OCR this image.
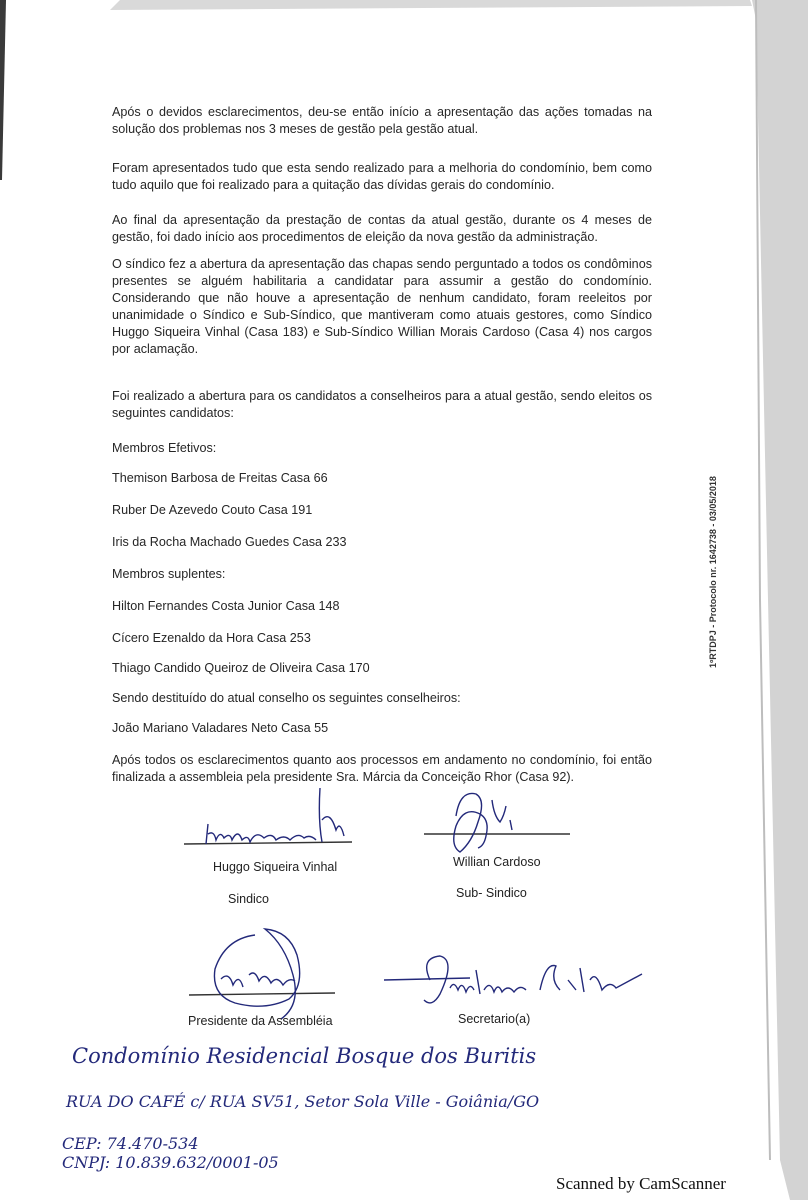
Após o devidos esclarecimentos, deu-se então início a apresentação das ações tomadas na solução dos problemas nos 3 meses de gestão pela gestão atual.

Foram apresentados tudo que esta sendo realizado para a melhoria do condomínio, bem como tudo aquilo que foi realizado para a quitação das dívidas gerais do condomínio.

Ao final da apresentação da prestação de contas da atual gestão, durante os 4 meses de gestão, foi dado início aos procedimentos de eleição da nova gestão da administração.

O síndico fez a abertura da apresentação das chapas sendo perguntado a todos os condôminos presentes se alguém habilitaria a candidatar para assumir a gestão do condomínio. Considerando que não houve a apresentação de nenhum candidato, foram reeleitos por unanimidade o Síndico e Sub-Síndico, que mantiveram como atuais gestores, como Síndico Huggo Siqueira Vinhal (Casa 183) e Sub-Síndico Willian Morais Cardoso (Casa 4) nos cargos por aclamação.

Foi realizado a abertura para os candidatos a conselheiros para a atual gestão, sendo eleitos os seguintes candidatos:

Membros Efetivos:

Themison Barbosa de Freitas Casa 66

Ruber De Azevedo Couto Casa 191

Iris da Rocha Machado Guedes Casa 233

Membros suplentes:

Hilton Fernandes Costa Junior Casa 148

Cícero Ezenaldo da Hora Casa 253

Thiago Candido Queiroz de Oliveira Casa 170

Sendo destituído do atual conselho os seguintes conselheiros:

João Mariano Valadares Neto Casa 55

Após todos os esclarecimentos quanto aos processos em andamento no condomínio, foi então finalizada a assembleia pela presidente Sra. Márcia da Conceição Rhor (Casa 92).

1ºRTDPJ - Protocolo nr. 1642738 - 03/05/2018
Huggo Siqueira Vinhal
Sindico
Willian Cardoso
Sub- Sindico
Presidente da Assembléia	Secretario(a)
Condomínio Residencial Bosque dos Buritis
RUA DO CAFÉ c/ RUA SV51, Setor Sola Ville - Goiânia/GO
CEP: 74.470-534
CNPJ: 10.839.632/0001-05
Scanned by CamScanner
